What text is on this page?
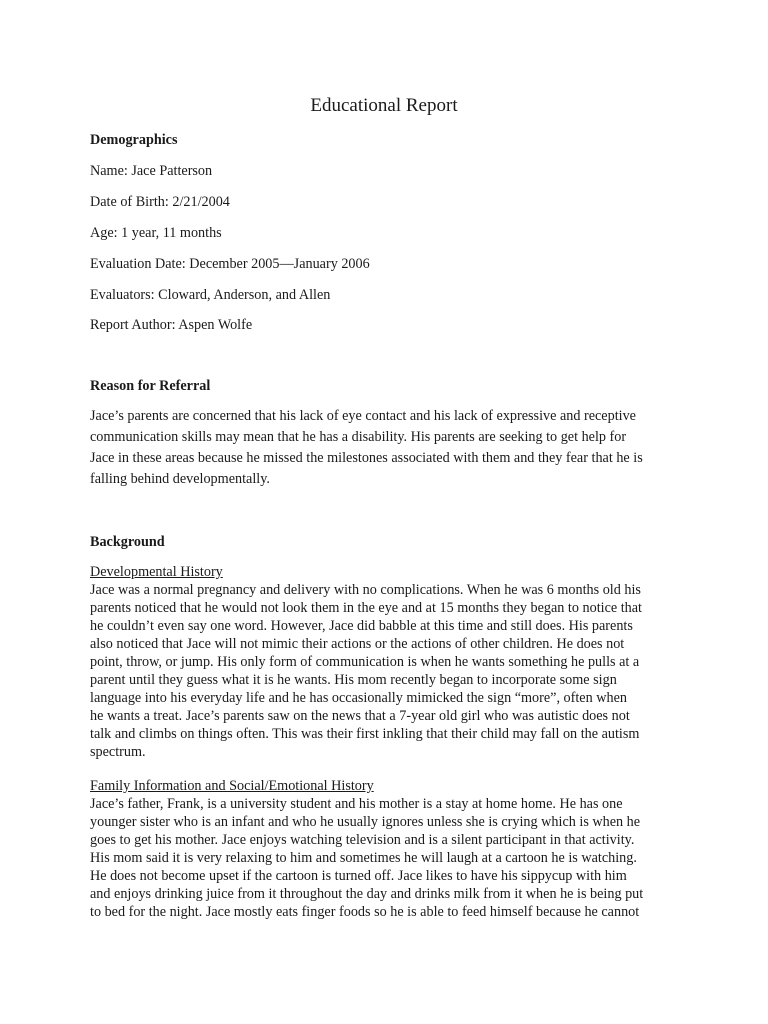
Educational Report
Demographics
Name: Jace Patterson
Date of Birth: 2/21/2004
Age: 1 year, 11 months
Evaluation Date: December 2005—January 2006
Evaluators: Cloward, Anderson, and Allen
Report Author: Aspen Wolfe
Reason for Referral
Jace’s parents are concerned that his lack of eye contact and his lack of expressive and receptive
communication skills may mean that he has a disability. His parents are seeking to get help for
Jace in these areas because he missed the milestones associated with them and they fear that he is
falling behind developmentally.
Background
Developmental History
Jace was a normal pregnancy and delivery with no complications. When he was 6 months old his
parents noticed that he would not look them in the eye and at 15 months they began to notice that
he couldn’t even say one word. However, Jace did babble at this time and still does. His parents
also noticed that Jace will not mimic their actions or the actions of other children. He does not
point, throw, or jump. His only form of communication is when he wants something he pulls at a
parent until they guess what it is he wants. His mom recently began to incorporate some sign
language into his everyday life and he has occasionally mimicked the sign “more”, often when
he wants a treat. Jace’s parents saw on the news that a 7-year old girl who was autistic does not
talk and climbs on things often. This was their first inkling that their child may fall on the autism
spectrum.
Family Information and Social/Emotional History
Jace’s father, Frank, is a university student and his mother is a stay at home home. He has one
younger sister who is an infant and who he usually ignores unless she is crying which is when he
goes to get his mother. Jace enjoys watching television and is a silent participant in that activity.
His mom said it is very relaxing to him and sometimes he will laugh at a cartoon he is watching.
He does not become upset if the cartoon is turned off. Jace likes to have his sippycup with him
and enjoys drinking juice from it throughout the day and drinks milk from it when he is being put
to bed for the night. Jace mostly eats finger foods so he is able to feed himself because he cannot
